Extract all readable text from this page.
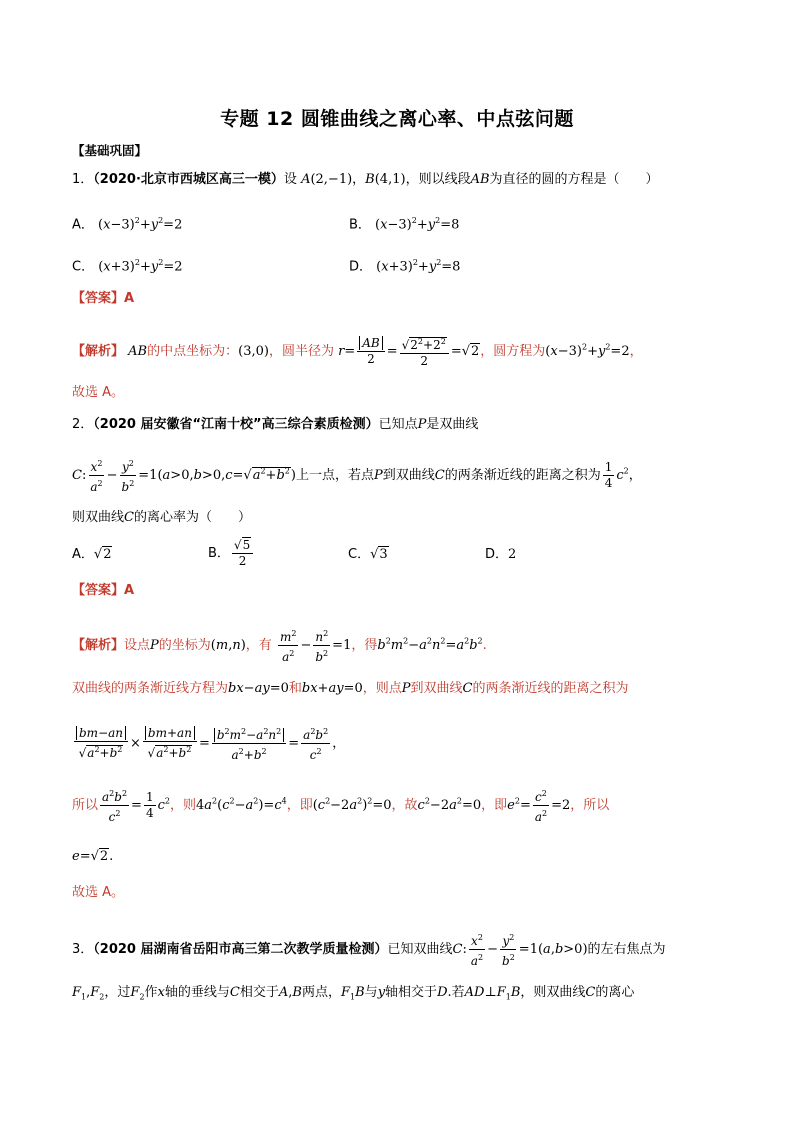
专题 12 圆锥曲线之离心率、中点弦问题
【基础巩固】
1．（2020·北京市西城区高三一模）设 A(2,−1)，B(4,1)，则以线段AB为直径的圆的方程是（　　）
A． $(x-3)^2+y^2=2$	B． $(x-3)^2+y^2=8$
C． $(x+3)^2+y^2=2$	D． $(x+3)^2+y^2=8$
【答案】A
【解析】 AB的中点坐标为：(3,0)，圆半径为 $r= \frac{AB}{2} = \frac{√2^2+2^2}{2} =√2$，圆方程为$(x-3)^2+y^2=2$，
故选 A。
2．（2020 届安徽省“江南十校”高三综合素质检测）已知点P是双曲线
C: $\frac{x^2}{a^2} - \frac{y^2}{b^2} =1(a>0,b>0,c=√a^2+b^2)$上一点，若点P到双曲线C的两条渐近线的距离之积为 $\frac{1}{4} c^2$，
则双曲线C的离心率为（　　）
A．√2	B． $\frac{√5}{2}$	C．√3	D．2
【答案】A
【解析】设点P的坐标为(m,n)，有 $\frac{m^2}{a^2} - \frac{n^2}{b^2} =1$，得$b^2m^2-a^2n^2=a^2b^2$.
双曲线的两条渐近线方程为bx−ay=0和bx+ay=0，则点P到双曲线C的两条渐近线的距离之积为
$\frac{bm-an}{√a^2+b^2} \times \frac{bm+an}{√a^2+b^2} = \frac{b^2m^2-a^2n^2}{a^2+b^2} = \frac{a^2b^2}{c^2}$ ，
所以 $\frac{a^2b^2}{c^2} = \frac{1}{4} c^2$，则$4a^2(c^2-a^2)=c^4$，即$(c^2-2a^2)^2=0$，故$c^2-2a^2=0$，即$e^2= \frac{c^2}{a^2} =2$，所以
e=√2.
故选 A。
3．（2020 届湖南省岳阳市高三第二次教学质量检测）已知双曲线C: $\frac{x^2}{a^2} - \frac{y^2}{b^2} =1(a,b>0)$的左右焦点为
$F_1,F_2$，过$F_2$作x轴的垂线与C相交于A,B两点，$F_1B$与y轴相交于D.若$AD\perp F_1B$，则双曲线C的离心
